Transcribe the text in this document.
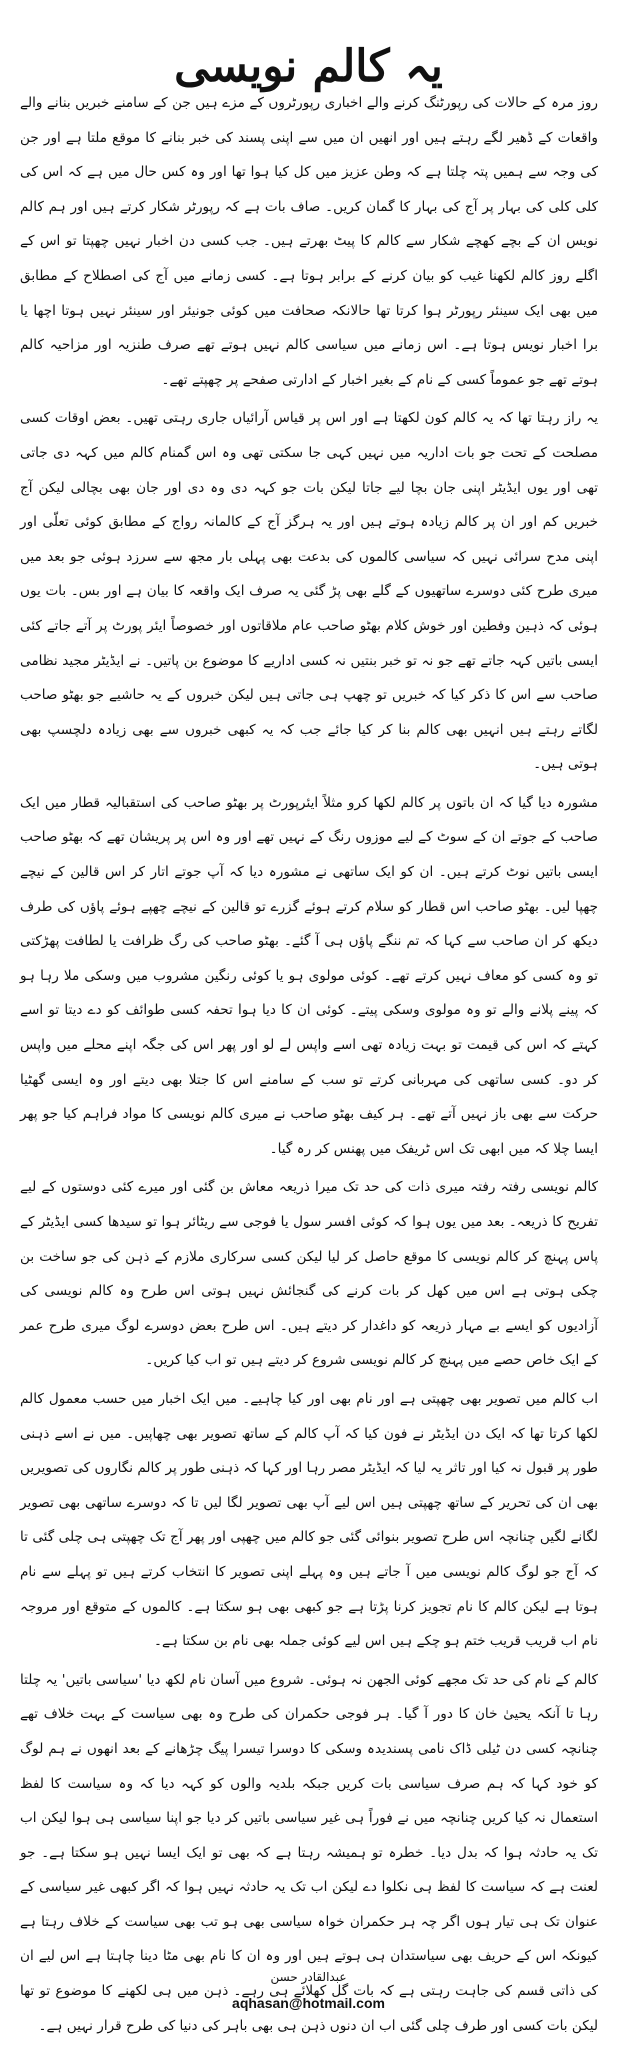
یہ کالم نویسی

روز مرہ کے حالات کی رپورٹنگ کرنے والے اخباری رپورٹروں کے مزے ہیں جن کے سامنے خبریں بنانے والے واقعات کے ڈھیر لگے رہتے ہیں اور انھیں ان میں سے اپنی پسند کی خبر بنانے کا موقع ملتا ہے اور جن کی وجہ سے ہمیں پتہ چلتا ہے کہ وطن عزیز میں کل کیا ہوا تھا اور وہ کس حال میں ہے کہ اس کی کلی کلی کی بہار پر آج کی بہار کا گمان کریں۔ صاف بات ہے کہ رپورٹر شکار کرتے ہیں اور ہم کالم نویس ان کے بچے کھچے شکار سے کالم کا پیٹ بھرتے ہیں۔ جب کسی دن اخبار نہیں چھپتا تو اس کے اگلے روز کالم لکھنا غیب کو بیان کرنے کے برابر ہوتا ہے۔ کسی زمانے میں آج کی اصطلاح کے مطابق میں بھی ایک سینئر رپورٹر ہوا کرتا تھا حالانکہ صحافت میں کوئی جونیئر اور سینئر نہیں ہوتا اچھا یا برا اخبار نویس ہوتا ہے۔ اس زمانے میں سیاسی کالم نہیں ہوتے تھے صرف طنزیہ اور مزاحیہ کالم ہوتے تھے جو عموماً کسی کے نام کے بغیر اخبار کے ادارتی صفحے پر چھپتے تھے۔

یہ راز رہتا تھا کہ یہ کالم کون لکھتا ہے اور اس پر قیاس آرائیاں جاری رہتی تھیں۔ بعض اوقات کسی مصلحت کے تحت جو بات اداریہ میں نہیں کہی جا سکتی تھی وہ اس گمنام کالم میں کہہ دی جاتی تھی اور یوں ایڈیٹر اپنی جان بچا لیے جاتا لیکن بات جو کہہ دی وہ دی اور جان بھی بچالی لیکن آج خبریں کم اور ان پر کالم زیادہ ہوتے ہیں اور یہ ہرگز آج کے کالمانہ رواج کے مطابق کوئی تعلّی اور اپنی مدح سرائی نہیں کہ سیاسی کالموں کی بدعت بھی پہلی بار مجھ سے سرزد ہوئی جو بعد میں میری طرح کئی دوسرے ساتھیوں کے گلے بھی پڑ گئی یہ صرف ایک واقعہ کا بیان ہے اور بس۔ بات یوں ہوئی کہ ذہین وفطین اور خوش کلام بھٹو صاحب عام ملاقاتوں اور خصوصاً ایئر پورٹ پر آتے جاتے کئی ایسی باتیں کہہ جاتے تھے جو نہ تو خبر بنتیں نہ کسی اداریے کا موضوع بن پاتیں۔ نے ایڈیٹر مجید نظامی صاحب سے اس کا ذکر کیا کہ خبریں تو چھپ ہی جاتی ہیں لیکن خبروں کے یہ حاشیے جو بھٹو صاحب لگاتے رہتے ہیں انہیں بھی کالم بنا کر کیا جائے جب کہ یہ کبھی خبروں سے بھی زیادہ دلچسپ بھی ہوتی ہیں۔

مشورہ دیا گیا کہ ان باتوں پر کالم لکھا کرو مثلاً ایئرپورٹ پر بھٹو صاحب کی استقبالیہ قطار میں ایک صاحب کے جوتے ان کے سوٹ کے لیے موزوں رنگ کے نہیں تھے اور وہ اس پر پریشان تھے کہ بھٹو صاحب ایسی باتیں نوٹ کرتے ہیں۔ ان کو ایک ساتھی نے مشورہ دیا کہ آپ جوتے اتار کر اس قالین کے نیچے چھپا لیں۔ بھٹو صاحب اس قطار کو سلام کرتے ہوئے گزرے تو قالین کے نیچے چھپے ہوئے پاؤں کی طرف دیکھ کر ان صاحب سے کہا کہ تم ننگے پاؤں ہی آ گئے۔ بھٹو صاحب کی رگ ظرافت یا لطافت پھڑکتی تو وہ کسی کو معاف نہیں کرتے تھے۔ کوئی مولوی ہو یا کوئی رنگین مشروب میں وسکی ملا رہا ہو کہ پینے پلانے والے تو وہ مولوی وسکی پیتے۔ کوئی ان کا دیا ہوا تحفہ کسی طوائف کو دے دیتا تو اسے کہتے کہ اس کی قیمت تو بہت زیادہ تھی اسے واپس لے لو اور پھر اس کی جگہ اپنے محلے میں واپس کر دو۔ کسی ساتھی کی مہربانی کرتے تو سب کے سامنے اس کا جتلا بھی دیتے اور وہ ایسی گھٹیا حرکت سے بھی باز نہیں آتے تھے۔ ہر کیف بھٹو صاحب نے میری کالم نویسی کا مواد فراہم کیا جو پھر ایسا چلا کہ میں ابھی تک اس ٹریفک میں پھنس کر رہ گیا۔

کالم نویسی رفتہ رفتہ میری ذات کی حد تک میرا ذریعہ معاش بن گئی اور میرے کئی دوستوں کے لیے تفریح کا ذریعہ۔ بعد میں یوں ہوا کہ کوئی افسر سول یا فوجی سے ریٹائر ہوا تو سیدھا کسی ایڈیٹر کے پاس پہنچ کر کالم نویسی کا موقع حاصل کر لیا لیکن کسی سرکاری ملازم کے ذہن کی جو ساخت بن چکی ہوتی ہے اس میں کھل کر بات کرنے کی گنجائش نہیں ہوتی اس طرح وہ کالم نویسی کی آزادیوں کو ایسے بے مہار ذریعہ کو داغدار کر دیتے ہیں۔ اس طرح بعض دوسرے لوگ میری طرح عمر کے ایک خاص حصے میں پہنچ کر کالم نویسی شروع کر دیتے ہیں تو اب کیا کریں۔

اب کالم میں تصویر بھی چھپتی ہے اور نام بھی اور کیا چاہیے۔ میں ایک اخبار میں حسب معمول کالم لکھا کرتا تھا کہ ایک دن ایڈیٹر نے فون کیا کہ آپ کالم کے ساتھ تصویر بھی چھاپیں۔ میں نے اسے ذہنی طور پر قبول نہ کیا اور تاثر یہ لیا کہ ایڈیٹر مصر رہا اور کہا کہ ذہنی طور پر کالم نگاروں کی تصویریں بھی ان کی تحریر کے ساتھ چھپتی ہیں اس لیے آپ بھی تصویر لگا لیں تا کہ دوسرے ساتھی بھی تصویر لگانے لگیں چنانچہ اس طرح تصویر بنوائی گئی جو کالم میں چھپی اور پھر آج تک چھپتی ہی چلی گئی تا کہ آج جو لوگ کالم نویسی میں آ جاتے ہیں وہ پہلے اپنی تصویر کا انتخاب کرتے ہیں تو پہلے سے نام ہوتا ہے لیکن کالم کا نام تجویز کرنا پڑتا ہے جو کبھی بھی ہو سکتا ہے۔ کالموں کے متوقع اور مروجہ نام اب قریب قریب ختم ہو چکے ہیں اس لیے کوئی جملہ بھی نام بن سکتا ہے۔

کالم کے نام کی حد تک مجھے کوئی الجھن نہ ہوئی۔ شروع میں آسان نام لکھ دیا 'سیاسی باتیں' یہ چلتا رہا تا آنکہ یحییٰ خان کا دور آ گیا۔ ہر فوجی حکمران کی طرح وہ بھی سیاست کے بہت خلاف تھے چنانچہ کسی دن ٹیلی ڈاک نامی پسندیدہ وسکی کا دوسرا تیسرا پیگ چڑھانے کے بعد انھوں نے ہم لوگ کو خود کہا کہ ہم صرف سیاسی بات کریں جبکہ بلدیہ والوں کو کہہ دیا کہ وہ سیاست کا لفظ استعمال نہ کیا کریں چنانچہ میں نے فوراً ہی غیر سیاسی باتیں کر دیا جو اپنا سیاسی ہی ہوا لیکن اب تک یہ حادثہ ہوا کہ بدل دیا۔ خطرہ تو ہمیشہ رہتا ہے کہ بھی تو ایک ایسا نہیں ہو سکتا ہے۔ جو لعنت ہے کہ سیاست کا لفظ ہی نکلوا دے لیکن اب تک یہ حادثہ نہیں ہوا کہ اگر کبھی غیر سیاسی کے عنوان تک ہی تیار ہوں اگر چہ ہر حکمران خواہ سیاسی بھی ہو تب بھی سیاست کے خلاف رہتا ہے کیونکہ اس کے حریف بھی سیاستدان ہی ہوتے ہیں اور وہ ان کا نام بھی مٹا دینا چاہتا ہے اس لیے ان کی ذاتی قسم کی جاہت رہتی ہے کہ بات گل کھلائے ہی رہے۔ ذہن میں ہی لکھنے کا موضوع تو تھا لیکن بات کسی اور طرف چلی گئی اب ان دنوں ذہن ہی بھی باہر کی دنیا کی طرح قرار نہیں ہے۔

عبدالقادر حسن
aqhasan@hotmail.com
